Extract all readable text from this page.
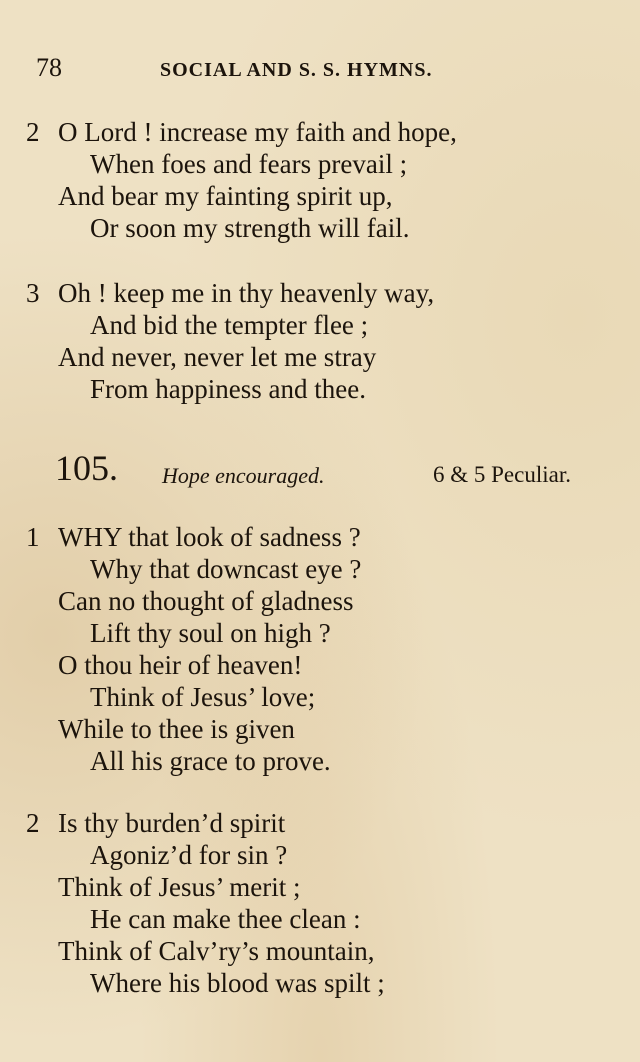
78	SOCIAL AND S. S. HYMNS.
2 O Lord ! increase my faith and hope,
When foes and fears prevail ;
And bear my fainting spirit up,
Or soon my strength will fail.
3 Oh ! keep me in thy heavenly way,
And bid the tempter flee ;
And never, never let me stray
From happiness and thee.
105. Hope encouraged.	6 & 5 Peculiar.
1 WHY that look of sadness ?
Why that downcast eye ?
Can no thought of gladness
Lift thy soul on high ?
O thou heir of heaven!
Think of Jesus’ love;
While to thee is given
All his grace to prove.
2 Is thy burden’d spirit
Agoniz’d for sin ?
Think of Jesus’ merit ;
He can make thee clean :
Think of Calv’ry’s mountain,
Where his blood was spilt ;
